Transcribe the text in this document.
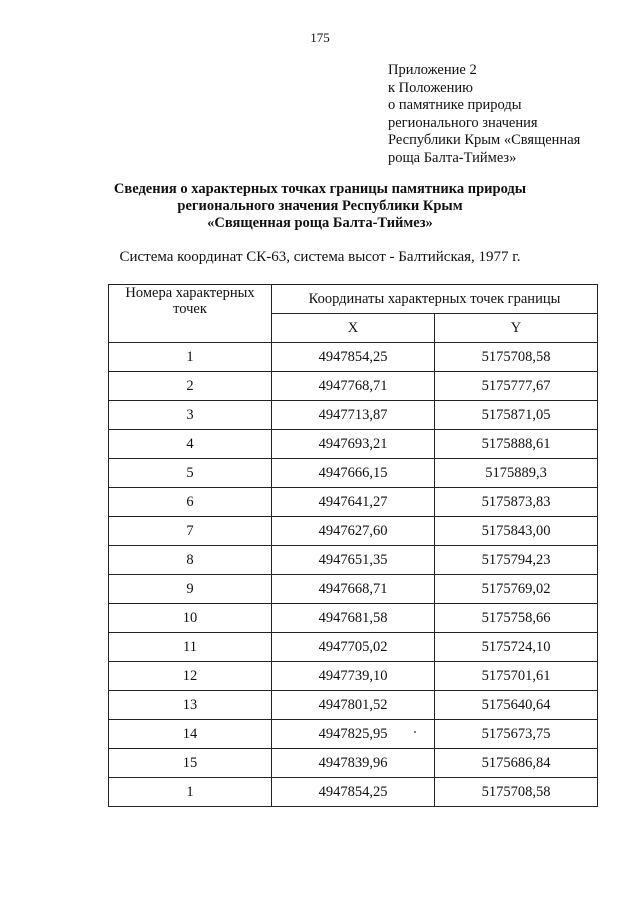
175
Приложение 2
к Положению
о памятнике природы
регионального значения
Республики Крым «Священная
роща Балта-Тиймез»
Сведения о характерных точках границы памятника природы
регионального значения Республики Крым
«Священная роща Балта-Тиймез»
Система координат СК-63, система высот - Балтийская, 1977 г.
Номера характерных точек	Координаты характерных точек границы	
	X	Y
1	4947854,25	5175708,58
2	4947768,71	5175777,67
3	4947713,87	5175871,05
4	4947693,21	5175888,61
5	4947666,15	5175889,3
6	4947641,27	5175873,83
7	4947627,60	5175843,00
8	4947651,35	5175794,23
9	4947668,71	5175769,02
10	4947681,58	5175758,66
11	4947705,02	5175724,10
12	4947739,10	5175701,61
13	4947801,52	5175640,64
14	4947825,95	5175673,75
15	4947839,96	5175686,84
1	4947854,25	5175708,58
